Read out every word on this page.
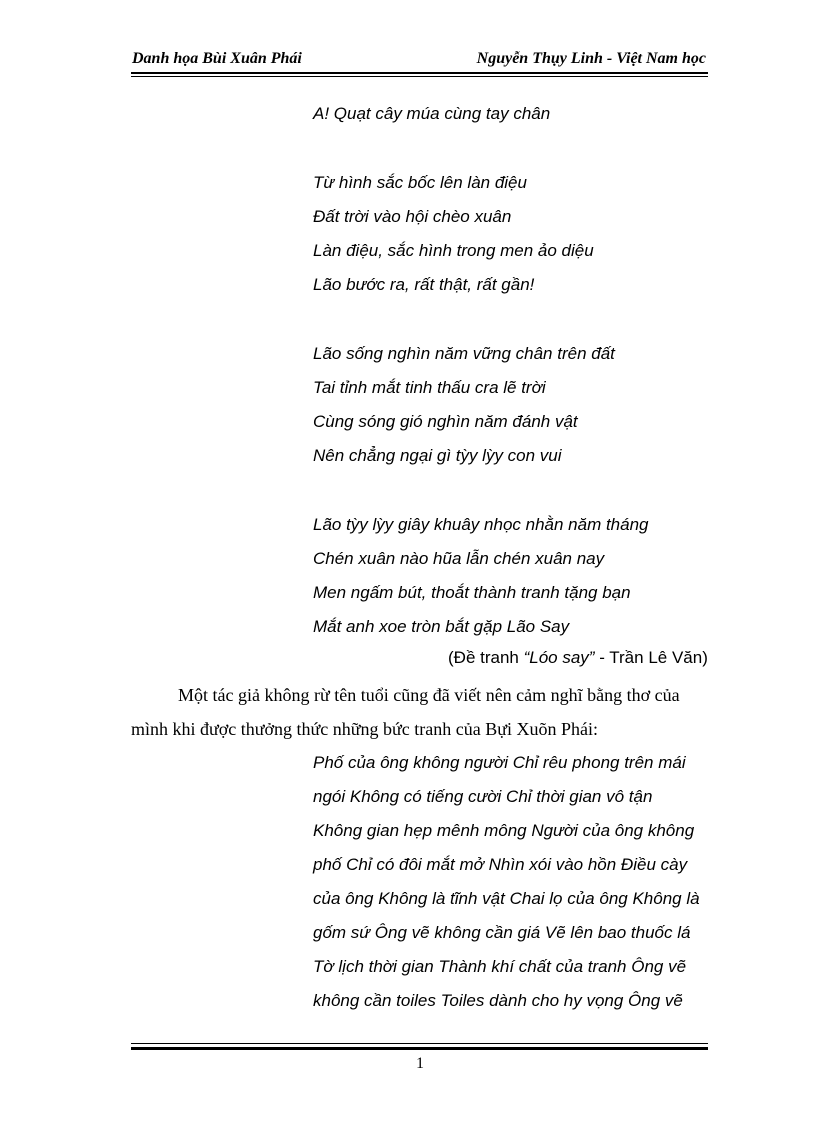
Danh họa Bùi Xuân Phái	Nguyễn Thụy Linh - Việt Nam học
A! Quạt cây múa cùng tay chân
Từ hình sắc bốc lên làn điệu
Đất trời vào hội chèo xuân
Làn điệu, sắc hình trong men ảo diệu
Lão bước ra, rất thật, rất gần!
Lão sống nghìn năm vững chân trên đất
Tai tỉnh mắt tinh thấu cra lẽ trời
Cùng sóng gió nghìn năm đánh vật
Nên chẳng ngại gì tỳy lỳy con vui
Lão tỳy lỳy giây khuây nhọc nhằn năm tháng
Chén xuân nào hũa lẫn chén xuân nay
Men ngấm bút, thoắt thành tranh tặng bạn
Mắt anh xoe tròn bắt gặp Lão Say
(Đề tranh “Lóo say” - Trần Lê Văn)
Một tác giả không rừ tên tuổi cũng đã viết nên cảm nghĩ bằng thơ của
mình khi được thưởng thức những bức tranh của Bựi Xuõn Phái:
Phố của ông không người Chỉ rêu phong trên mái
ngói Không có tiếng cười Chỉ thời gian vô tận
Không gian hẹp mênh mông Người của ông không
phố Chỉ có đôi mắt mở Nhìn xói vào hồn Điều cày
của ông Không là tĩnh vật Chai lọ của ông Không là
gốm sứ Ông vẽ không cần giá Vẽ lên bao thuốc lá
Tờ lịch thời gian Thành khí chất của tranh Ông vẽ
không cần toiles Toiles dành cho hy vọng Ông vẽ
1
